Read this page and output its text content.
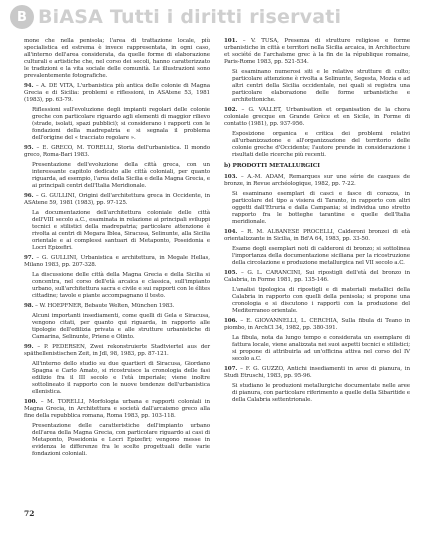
B BiASA Tutti i diritti riservati
mone che nella penisola; l'area di trattazione locale, più specialistica ed estrema è invece rappresentata, in ogni caso, all'interno dell'area considerata, da quelle forme di elaborazione culturali e artistiche che, nel corso dei secoli, hanno caratterizzato le tradizioni e la vita sociale delle comunità. Le illustrazioni sono prevalentemente fotografiche.
94. – A. DE VITA, L'urbanistica più antica delle colonie di Magna Grecia e di Sicilia: problemi e riflessioni, in ASAtene 53, 1981 (1983), pp. 63-79.
Riflessioni sull'evoluzione degli impianti regolari delle colonie greche con particolare riguardo agli elementi di maggior rilievo (strade, isolati, spazi pubblici); si considerano i rapporti con le fondazioni della madrepatria e si segnala il problema dell'origine del « tracciato regolare ».
95. – E. GRECO, M. TORELLI, Storia dell'urbanistica. Il mondo greco, Roma-Bari 1983.
Presentazione dell'evoluzione della città greca, con un interessante capitolo dedicato alle città coloniali, per quanto riguarda, ad esempio, l'area della Sicilia e della Magna Grecia, e ai principali centri dell'Italia Meridionale.
96. – G. GULLINI, Origini dell'architettura greca in Occidente, in ASAtene 59, 1981 (1983), pp. 97-125.
La documentazione dell'architettura coloniale delle città dell'VIII secolo a.C., esaminata in relazione ai principali sviluppi tecnici e stilistici della madrepatria; particolare attenzione è rivolta ai centri di Megara Iblea, Siracusa, Selinunte, alla Sicilia orientale e ai complessi santuari di Metaponto, Poseidonia e Locri Epizefiri.
97. – G. GULLINI, Urbanistica e architettura, in Megale Hellas, Milano 1983, pp. 207-328.
La discussione delle città della Magna Grecia e della Sicilia si concentra, nel corso dell'età arcaica e classica, sull'impianto urbano, sull'architettura sacra e civile e sui rapporti con le élites cittadine; tavole e piante accompagnano il testo.
98. – W. HOEPFNER, Bebaute Welten, München 1983.
Alcuni importanti insediamenti, come quelli di Gela e Siracusa, vengono citati, per quanto qui riguarda, in rapporto alle tipologie dell'edilizia privata e alle strutture urbanistiche di Camarina, Selinunte, Priene e Olinto.
99. – P. PEDERSEN, Zwei rekonstruierte Stadtviertel aus der späthellenistischen Zeit, in Jdl, 98, 1983, pp. 87-121.
All'interno dello studio su due quartieri di Siracusa, Giordano Spagna e Carlo Amato, si ricostruisce la cronologia delle fasi edilizie fra il III secolo e l'età imperiale; viene inoltre sottolineato il rapporto con le nuove tendenze dell'urbanistica ellenistica.
100. – M. TORELLI, Morfologia urbana e rapporti coloniali in Magna Grecia, in Architettura e società dall'arcaismo greco alla fine della repubblica romana, Roma 1983, pp. 103-118.
Presentazione delle caratteristiche dell'impianto urbano dell'area della Magna Grecia, con particolare riguardo ai casi di Metaponto, Poseidonia e Locri Epizefiri; vengono messe in evidenza le differenze fra le scelte progettuali delle varie fondazioni coloniali.
101. – V. TUSA, Presenza di strutture religiose e forme urbanistiche in città e territori nella Sicilia arcaica, in Architecture et société de l'archaïsme grec à la fin de la république romaine, Paris-Rome 1983, pp. 521-534.
Si esaminano numerosi siti e le relative strutture di culto; particolare attenzione è rivolta a Selinunte, Segesta, Mozia e ad altri centri della Sicilia occidentale, nei quali si registra una particolare elaborazione delle forme urbanistiche e architettoniche.
102. – G. VALLET, Urbanisation et organisation de la chora coloniale grecque en Grande Grèce et en Sicile, in Forme di contatto (1981), pp. 937-956.
Esposizione organica e critica dei problemi relativi all'urbanizzazione e all'organizzazione del territorio delle colonie greche d'Occidente; l'autore prende in considerazione i risultati delle ricerche più recenti.
b) PRODOTTI METALLURGICI
103. – A.-M. ADAM, Remarques sur une série de casques de bronze, in Revue archéologique, 1982, pp. 7-22.
Si esaminano esemplari di casci e fasce di corazza, in particolare del tipo a visiera di Taranto, in rapporto con altri oggetti dall'Etruria e dalla Campania; si individua uno stretto rapporto fra le botteghe tarantine e quelle dell'Italia meridionale.
104. – R. M. ALBANESE PROCELLI, Calderoni bronzei di età orientalizzante in Sicilia, in Bd'A 64, 1983, pp. 33-50.
Esame degli esemplari noti di calderoni di bronzo; si sottolinea l'importanza della documentazione siciliana per la ricostruzione della circolazione e produzione metallurgica nel VII secolo a.C.
105. – G. L. CARANCINI, Sui ripostigli dell'età del bronzo in Calabria, in Forme 1981, pp. 135-146.
L'analisi tipologica di ripostigli e di materiali metallici della Calabria in rapporto con quelli della penisola; si propone una cronologia e si discutono i rapporti con la produzione del Mediterraneo orientale.
106. – E. GIOVANNELLI, L. CERCHIA, Sulla fibula di Teano in piombo, in ArchCl 34, 1982, pp. 380-391.
La fibula, nota da lungo tempo e considerata un esemplare di fattura locale, viene analizzata nei suoi aspetti tecnici e stilistici; si propone di attribuirla ad un'officina attiva nel corso del IV secolo a.C.
107. – F. G. GUZZO, Antichi insediamenti in aree di pianura, in Studi Etruschi, 1983, pp. 95-96.
Si studiano le produzioni metallurgiche documentate nelle aree di pianura, con particolare riferimento a quelle della Sibaritide e della Calabria settentrionale.
72
